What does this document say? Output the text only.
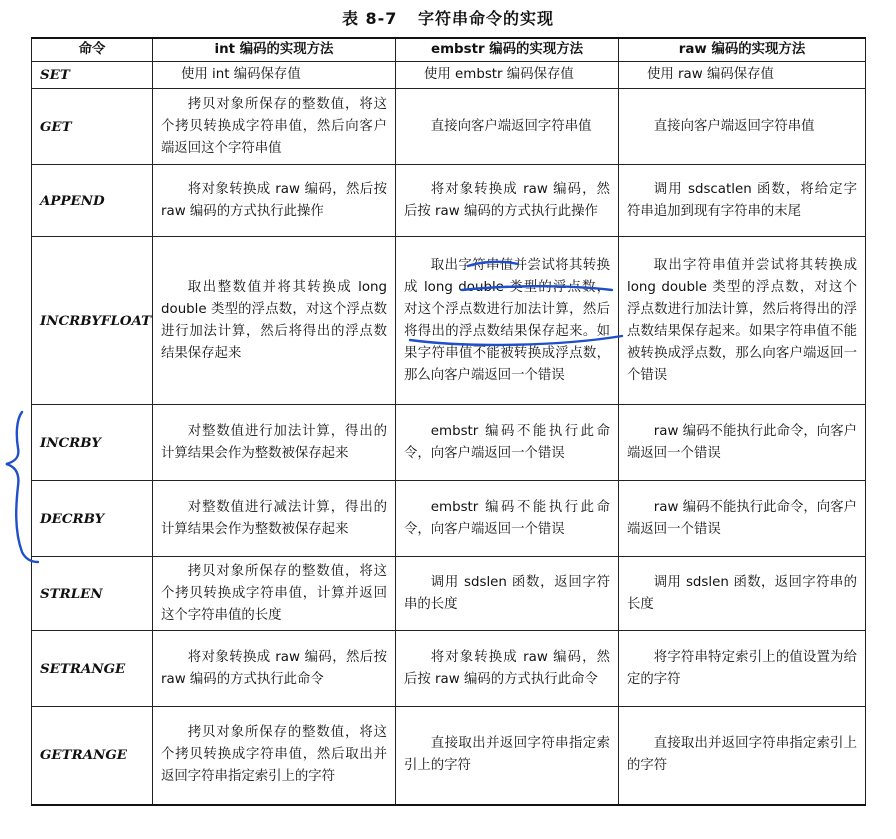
表 8-7 字符串命令的实现
命令	int 编码的实现方法	embstr 编码的实现方法	raw 编码的实现方法
SET	使用 int 编码保存值	使用 embstr 编码保存值	使用 raw 编码保存值
GET	拷贝对象所保存的整数值，将这个拷贝转换成字符串值，然后向客户端返回这个字符串值	直接向客户端返回字符串值	直接向客户端返回字符串值
APPEND	将对象转换成 raw 编码，然后按 raw 编码的方式执行此操作	将对象转换成 raw 编码，然后按 raw 编码的方式执行此操作	调用 sdscatlen 函数，将给定字符串追加到现有字符串的末尾
INCRBYFLOAT	取出整数值并将其转换成 long double 类型的浮点数，对这个浮点数进行加法计算，然后将得出的浮点数结果保存起来	取出字符串值并尝试将其转换成 long double 类型的浮点数，对这个浮点数进行加法计算，然后将得出的浮点数结果保存起来。如果字符串值不能被转换成浮点数，那么向客户端返回一个错误	取出字符串值并尝试将其转换成 long double 类型的浮点数，对这个浮点数进行加法计算，然后将得出的浮点数结果保存起来。如果字符串值不能被转换成浮点数，那么向客户端返回一个错误
INCRBY	对整数值进行加法计算，得出的计算结果会作为整数被保存起来	embstr 编码不能执行此命令，向客户端返回一个错误	raw 编码不能执行此命令，向客户端返回一个错误
DECRBY	对整数值进行减法计算，得出的计算结果会作为整数被保存起来	embstr 编码不能执行此命令，向客户端返回一个错误	raw 编码不能执行此命令，向客户端返回一个错误
STRLEN	拷贝对象所保存的整数值，将这个拷贝转换成字符串值，计算并返回这个字符串值的长度	调用 sdslen 函数，返回字符串的长度	调用 sdslen 函数，返回字符串的长度
SETRANGE	将对象转换成 raw 编码，然后按 raw 编码的方式执行此命令	将对象转换成 raw 编码，然后按 raw 编码的方式执行此命令	将字符串特定索引上的值设置为给定的字符
GETRANGE	拷贝对象所保存的整数值，将这个拷贝转换成字符串值，然后取出并返回字符串指定索引上的字符	直接取出并返回字符串指定索引上的字符	直接取出并返回字符串指定索引上的字符
